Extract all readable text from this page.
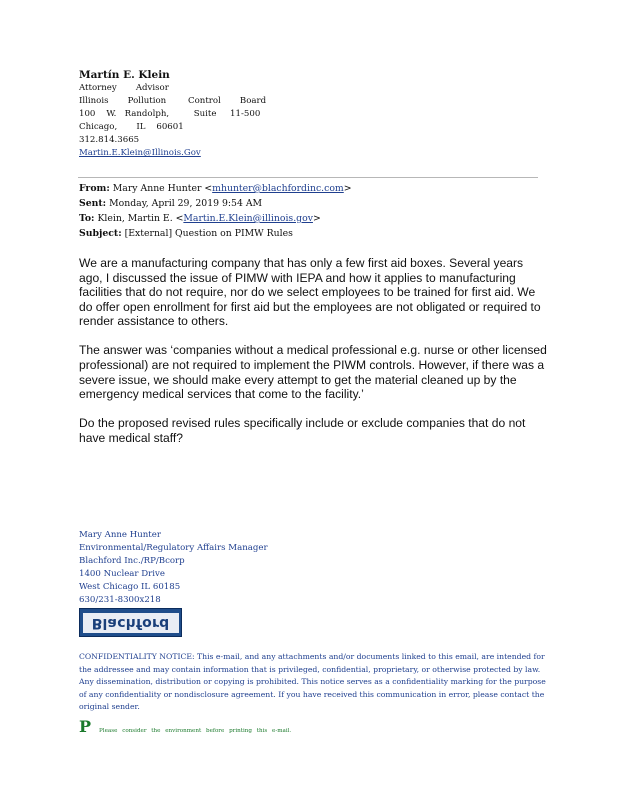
Martín E. Klein
Attorney       Advisor
Illinois       Pollution        Control       Board
100    W.   Randolph,         Suite     11-500
Chicago,       IL    60601
312.814.3665
Martin.E.Klein@Illinois.Gov
From: Mary Anne Hunter <mhunter@blachfordinc.com>
Sent: Monday, April 29, 2019 9:54 AM
To: Klein, Martin E. <Martin.E.Klein@illinois.gov>
Subject: [External] Question on PIMW Rules

We are a manufacturing company that has only a few first aid boxes. Several years ago, I discussed the issue of PIMW with IEPA and how it applies to manufacturing facilities that do not require, nor do we select employees to be trained for first aid. We do offer open enrollment for first aid but the employees are not obligated or required to render assistance to others.

The answer was ‘companies without a medical professional e.g. nurse or other licensed professional) are not required to implement the PIWM controls. However, if there was a severe issue, we should make every attempt to get the material cleaned up by the emergency medical services that come to the facility.’

Do the proposed revised rules specifically include or exclude companies that do not have medical staff?

Mary Anne Hunter
Environmental/Regulatory Affairs Manager
Blachford Inc./RP/Bcorp
1400 Nuclear Drive
West Chicago IL 60185
630/231-8300x218
Blachford
CONFIDENTIALITY NOTICE: This e-mail, and any attachments and/or documents linked to this email, are intended for the addressee and may contain information that is privileged, confidential, proprietary, or otherwise protected by law. Any dissemination, distribution or copying is prohibited. This notice serves as a confidentiality marking for the purpose of any confidentiality or nondisclosure agreement. If you have received this communication in error, please contact the original sender.
P Please consider the environment before printing this e-mail.
